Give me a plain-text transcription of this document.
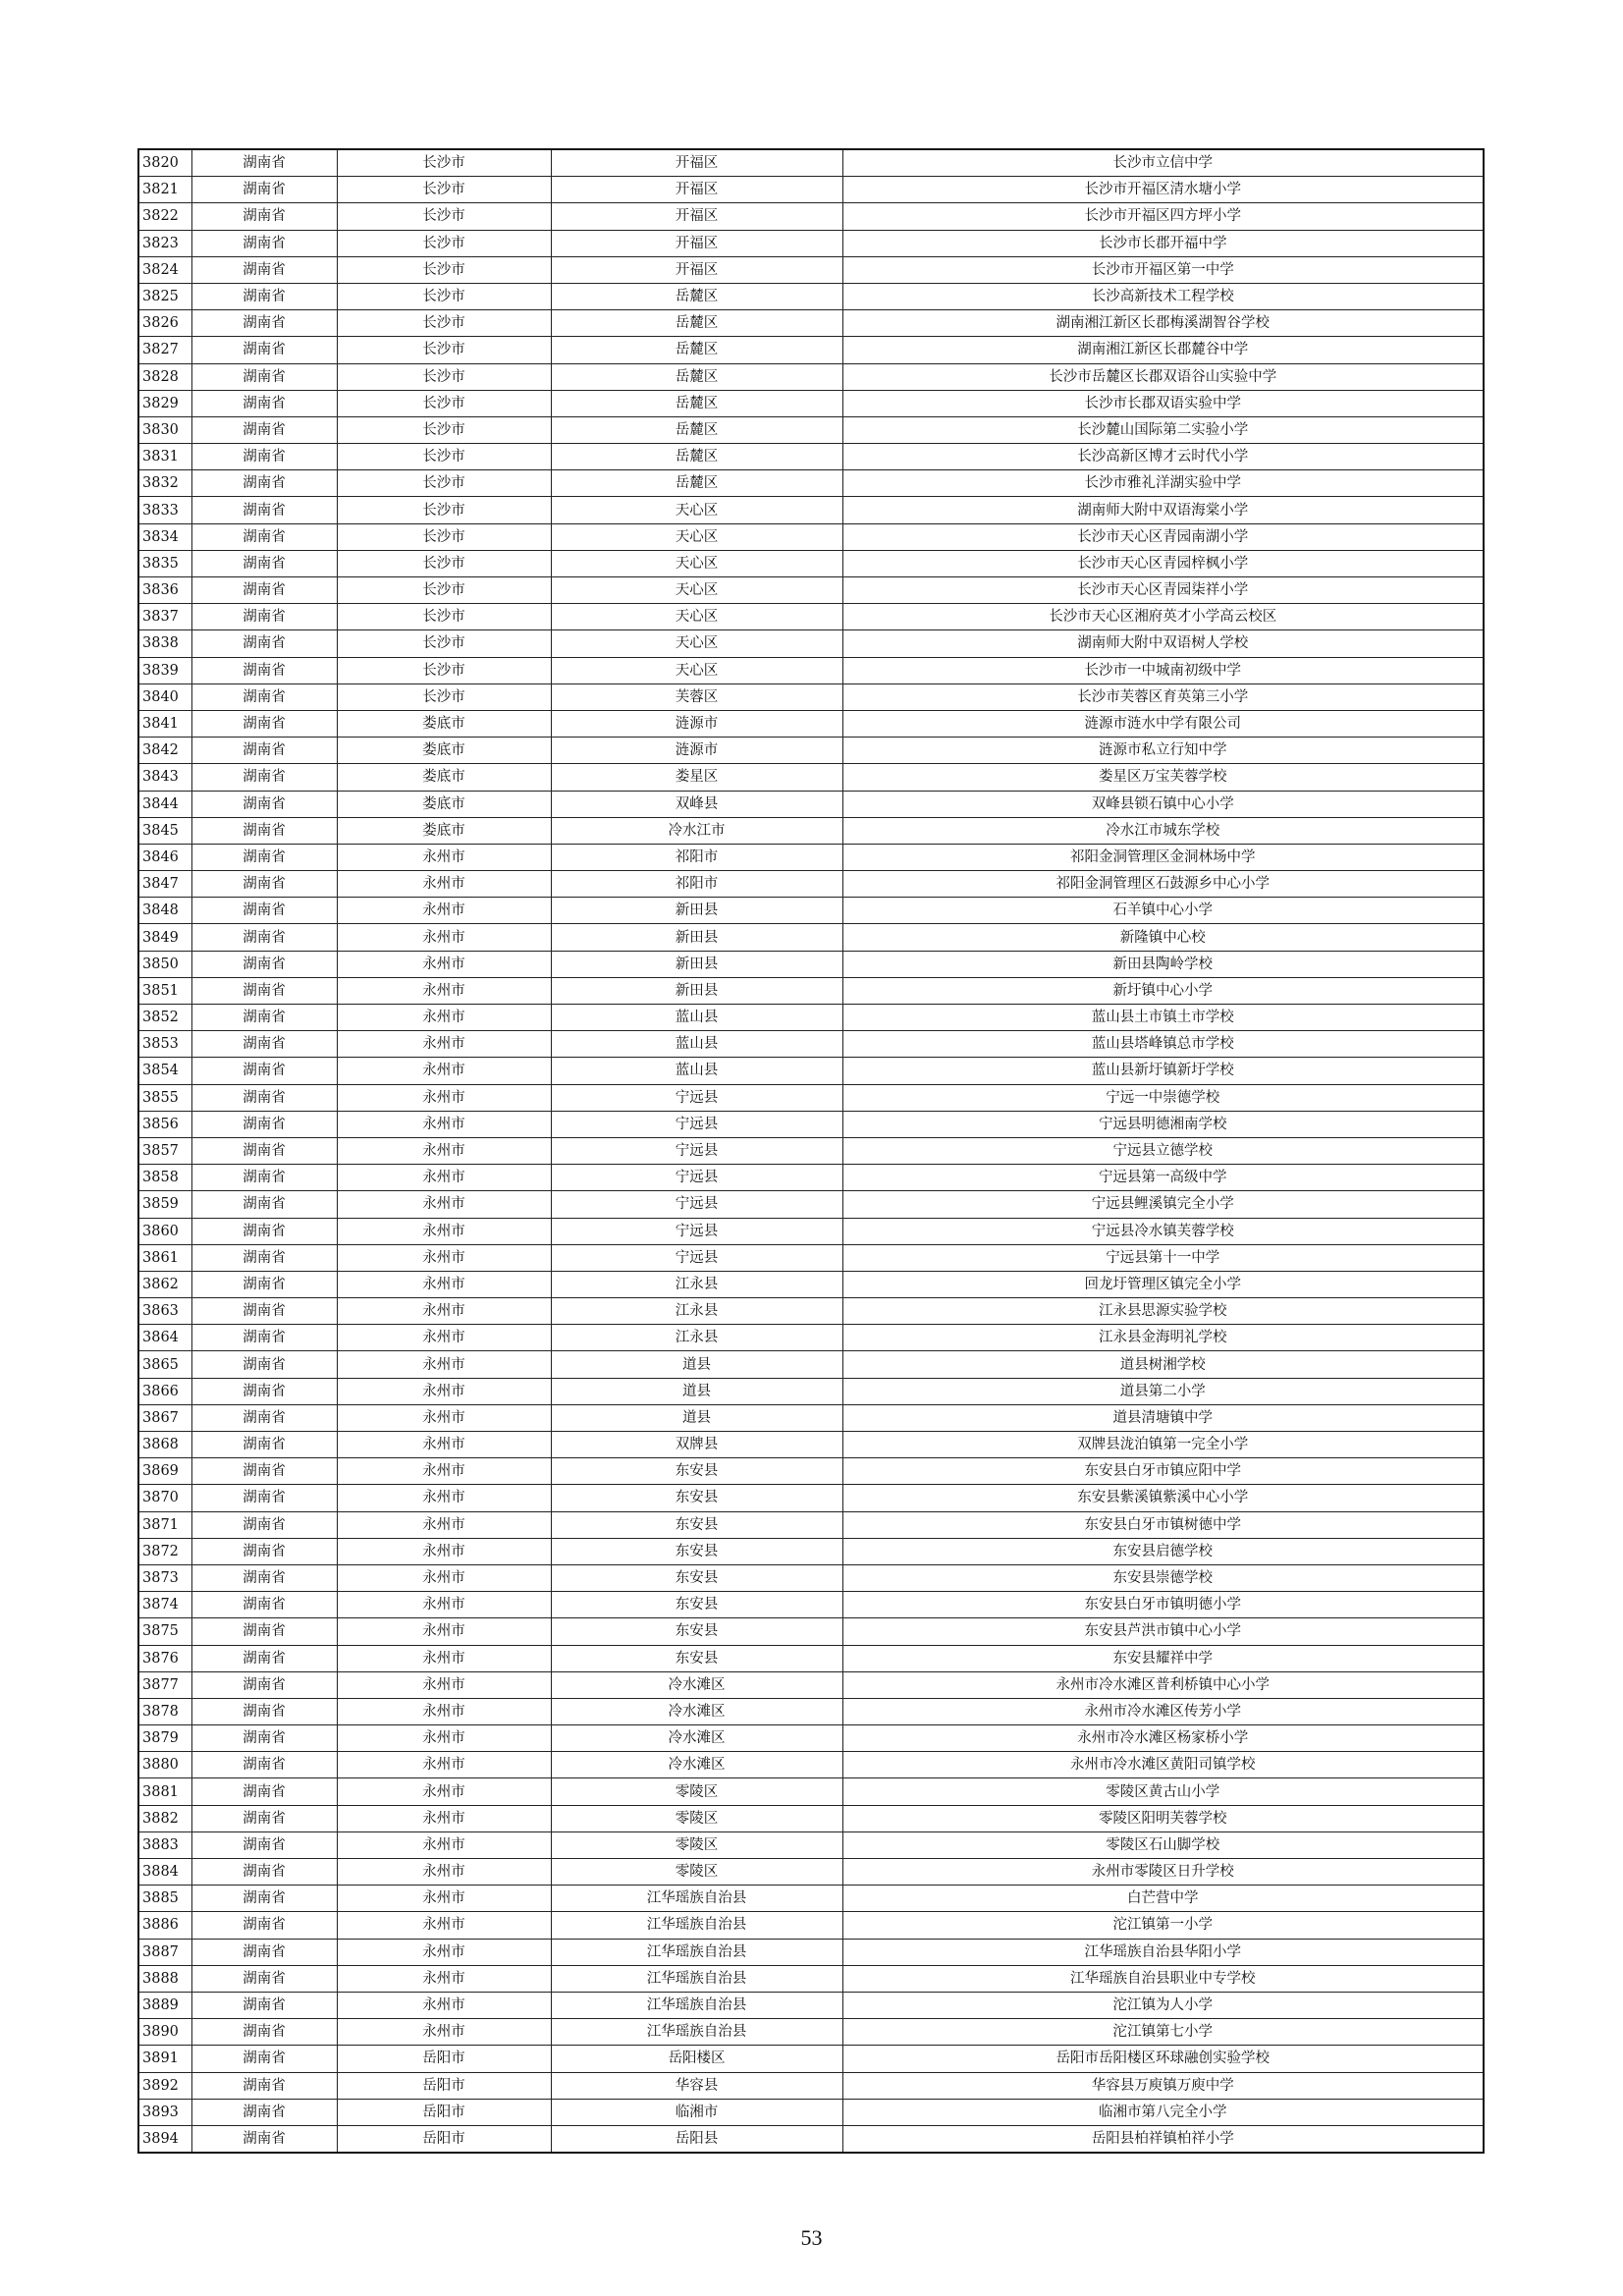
3820	湖南省	长沙市	开福区	长沙市立信中学
3821	湖南省	长沙市	开福区	长沙市开福区清水塘小学
3822	湖南省	长沙市	开福区	长沙市开福区四方坪小学
3823	湖南省	长沙市	开福区	长沙市长郡开福中学
3824	湖南省	长沙市	开福区	长沙市开福区第一中学
3825	湖南省	长沙市	岳麓区	长沙高新技术工程学校
3826	湖南省	长沙市	岳麓区	湖南湘江新区长郡梅溪湖智谷学校
3827	湖南省	长沙市	岳麓区	湖南湘江新区长郡麓谷中学
3828	湖南省	长沙市	岳麓区	长沙市岳麓区长郡双语谷山实验中学
3829	湖南省	长沙市	岳麓区	长沙市长郡双语实验中学
3830	湖南省	长沙市	岳麓区	长沙麓山国际第二实验小学
3831	湖南省	长沙市	岳麓区	长沙高新区博才云时代小学
3832	湖南省	长沙市	岳麓区	长沙市雅礼洋湖实验中学
3833	湖南省	长沙市	天心区	湖南师大附中双语海棠小学
3834	湖南省	长沙市	天心区	长沙市天心区青园南湖小学
3835	湖南省	长沙市	天心区	长沙市天心区青园梓枫小学
3836	湖南省	长沙市	天心区	长沙市天心区青园柒祥小学
3837	湖南省	长沙市	天心区	长沙市天心区湘府英才小学高云校区
3838	湖南省	长沙市	天心区	湖南师大附中双语树人学校
3839	湖南省	长沙市	天心区	长沙市一中城南初级中学
3840	湖南省	长沙市	芙蓉区	长沙市芙蓉区育英第三小学
3841	湖南省	娄底市	涟源市	涟源市涟水中学有限公司
3842	湖南省	娄底市	涟源市	涟源市私立行知中学
3843	湖南省	娄底市	娄星区	娄星区万宝芙蓉学校
3844	湖南省	娄底市	双峰县	双峰县锁石镇中心小学
3845	湖南省	娄底市	冷水江市	冷水江市城东学校
3846	湖南省	永州市	祁阳市	祁阳金洞管理区金洞林场中学
3847	湖南省	永州市	祁阳市	祁阳金洞管理区石鼓源乡中心小学
3848	湖南省	永州市	新田县	石羊镇中心小学
3849	湖南省	永州市	新田县	新隆镇中心校
3850	湖南省	永州市	新田县	新田县陶岭学校
3851	湖南省	永州市	新田县	新圩镇中心小学
3852	湖南省	永州市	蓝山县	蓝山县土市镇土市学校
3853	湖南省	永州市	蓝山县	蓝山县塔峰镇总市学校
3854	湖南省	永州市	蓝山县	蓝山县新圩镇新圩学校
3855	湖南省	永州市	宁远县	宁远一中崇德学校
3856	湖南省	永州市	宁远县	宁远县明德湘南学校
3857	湖南省	永州市	宁远县	宁远县立德学校
3858	湖南省	永州市	宁远县	宁远县第一高级中学
3859	湖南省	永州市	宁远县	宁远县鲤溪镇完全小学
3860	湖南省	永州市	宁远县	宁远县冷水镇芙蓉学校
3861	湖南省	永州市	宁远县	宁远县第十一中学
3862	湖南省	永州市	江永县	回龙圩管理区镇完全小学
3863	湖南省	永州市	江永县	江永县思源实验学校
3864	湖南省	永州市	江永县	江永县金海明礼学校
3865	湖南省	永州市	道县	道县树湘学校
3866	湖南省	永州市	道县	道县第二小学
3867	湖南省	永州市	道县	道县清塘镇中学
3868	湖南省	永州市	双牌县	双牌县泷泊镇第一完全小学
3869	湖南省	永州市	东安县	东安县白牙市镇应阳中学
3870	湖南省	永州市	东安县	东安县紫溪镇紫溪中心小学
3871	湖南省	永州市	东安县	东安县白牙市镇树德中学
3872	湖南省	永州市	东安县	东安县启德学校
3873	湖南省	永州市	东安县	东安县崇德学校
3874	湖南省	永州市	东安县	东安县白牙市镇明德小学
3875	湖南省	永州市	东安县	东安县芦洪市镇中心小学
3876	湖南省	永州市	东安县	东安县耀祥中学
3877	湖南省	永州市	冷水滩区	永州市冷水滩区普利桥镇中心小学
3878	湖南省	永州市	冷水滩区	永州市冷水滩区传芳小学
3879	湖南省	永州市	冷水滩区	永州市冷水滩区杨家桥小学
3880	湖南省	永州市	冷水滩区	永州市冷水滩区黄阳司镇学校
3881	湖南省	永州市	零陵区	零陵区黄古山小学
3882	湖南省	永州市	零陵区	零陵区阳明芙蓉学校
3883	湖南省	永州市	零陵区	零陵区石山脚学校
3884	湖南省	永州市	零陵区	永州市零陵区日升学校
3885	湖南省	永州市	江华瑶族自治县	白芒营中学
3886	湖南省	永州市	江华瑶族自治县	沱江镇第一小学
3887	湖南省	永州市	江华瑶族自治县	江华瑶族自治县华阳小学
3888	湖南省	永州市	江华瑶族自治县	江华瑶族自治县职业中专学校
3889	湖南省	永州市	江华瑶族自治县	沱江镇为人小学
3890	湖南省	永州市	江华瑶族自治县	沱江镇第七小学
3891	湖南省	岳阳市	岳阳楼区	岳阳市岳阳楼区环球融创实验学校
3892	湖南省	岳阳市	华容县	华容县万庾镇万庾中学
3893	湖南省	岳阳市	临湘市	临湘市第八完全小学
3894	湖南省	岳阳市	岳阳县	岳阳县柏祥镇柏祥小学
53
